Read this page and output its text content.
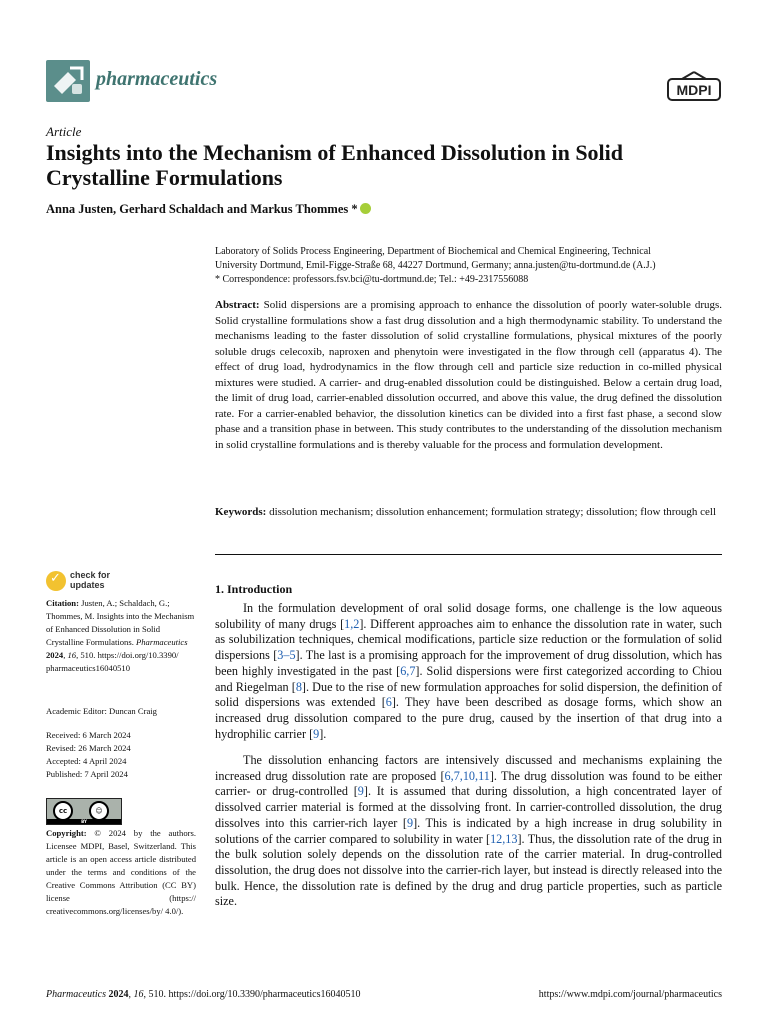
pharmaceutics	MDPI
Article
Insights into the Mechanism of Enhanced Dissolution in Solid Crystalline Formulations
Anna Justen, Gerhard Schaldach and Markus Thommes *
Laboratory of Solids Process Engineering, Department of Biochemical and Chemical Engineering, Technical
University Dortmund, Emil-Figge-Straße 68, 44227 Dortmund, Germany; anna.justen@tu-dortmund.de (A.J.)
* Correspondence: professors.fsv.bci@tu-dortmund.de; Tel.: +49-2317556088

Abstract: Solid dispersions are a promising approach to enhance the dissolution of poorly water-soluble drugs. Solid crystalline formulations show a fast drug dissolution and a high thermodynamic stability. To understand the mechanisms leading to the faster dissolution of solid crystalline formulations, physical mixtures of the poorly soluble drugs celecoxib, naproxen and phenytoin were investigated in the flow through cell (apparatus 4). The effect of drug load, hydrodynamics in the flow through cell and particle size reduction in co-milled physical mixtures were studied. A carrier- and drug-enabled dissolution could be distinguished. Below a certain drug load, the limit of drug load, carrier-enabled dissolution occurred, and above this value, the drug defined the dissolution rate. For a carrier-enabled behavior, the dissolution kinetics can be divided into a first fast phase, a second slow phase and a transition phase in between. This study contributes to the understanding of the dissolution mechanism in solid crystalline formulations and is thereby valuable for the process and formulation development.

Keywords: dissolution mechanism; dissolution enhancement; formulation strategy; dissolution; flow through cell

✓
check for
updates
Citation: Justen, A.; Schaldach, G.; Thommes, M. Insights into the Mechanism of Enhanced Dissolution in Solid Crystalline Formulations. Pharmaceutics 2024, 16, 510. https://doi.org/10.3390/ pharmaceutics16040510
Academic Editor: Duncan Craig
Received: 6 March 2024
Revised: 26 March 2024
Accepted: 4 April 2024
Published: 7 April 2024
cc	☺
BY
Copyright: © 2024 by the authors. Licensee MDPI, Basel, Switzerland. This article is an open access article distributed under the terms and conditions of the Creative Commons Attribution (CC BY) license (https:// creativecommons.org/licenses/by/ 4.0/).
1. Introduction

In the formulation development of oral solid dosage forms, one challenge is the low aqueous solubility of many drugs [1,2]. Different approaches aim to enhance the dissolution rate in water, such as solubilization techniques, chemical modifications, particle size reduction or the formulation of solid dispersions [3–5]. The last is a promising approach for the improvement of drug dissolution, which has been highly investigated in the past [6,7]. Solid dispersions were first categorized according to Chiou and Riegelman [8]. Due to the rise of new formulation approaches for solid dispersion, the definition of solid dispersions was extended [6]. They have been described as dosage forms, which show an increased drug dissolution compared to the pure drug, caused by the insertion of that drug into a hydrophilic carrier [9].

The dissolution enhancing factors are intensively discussed and mechanisms explaining the increased drug dissolution rate are proposed [6,7,10,11]. The drug dissolution was found to be either carrier- or drug-controlled [9]. It is assumed that during dissolution, a high concentrated layer of dissolved carrier material is formed at the dissolving front. In carrier-controlled dissolution, the drug dissolves into this carrier-rich layer [9]. This is indicated by a high increase in drug solubility in solutions of the carrier compared to solubility in water [12,13]. Thus, the dissolution rate of the drug in the bulk solution solely depends on the dissolution rate of the carrier material. In drug-controlled dissolution, the drug does not dissolve into the carrier-rich layer, but instead is directly released into the bulk. Hence, the dissolution rate is defined by the drug and drug particle properties, such as particle size.

Pharmaceutics 2024, 16, 510. https://doi.org/10.3390/pharmaceutics16040510	https://www.mdpi.com/journal/pharmaceutics
